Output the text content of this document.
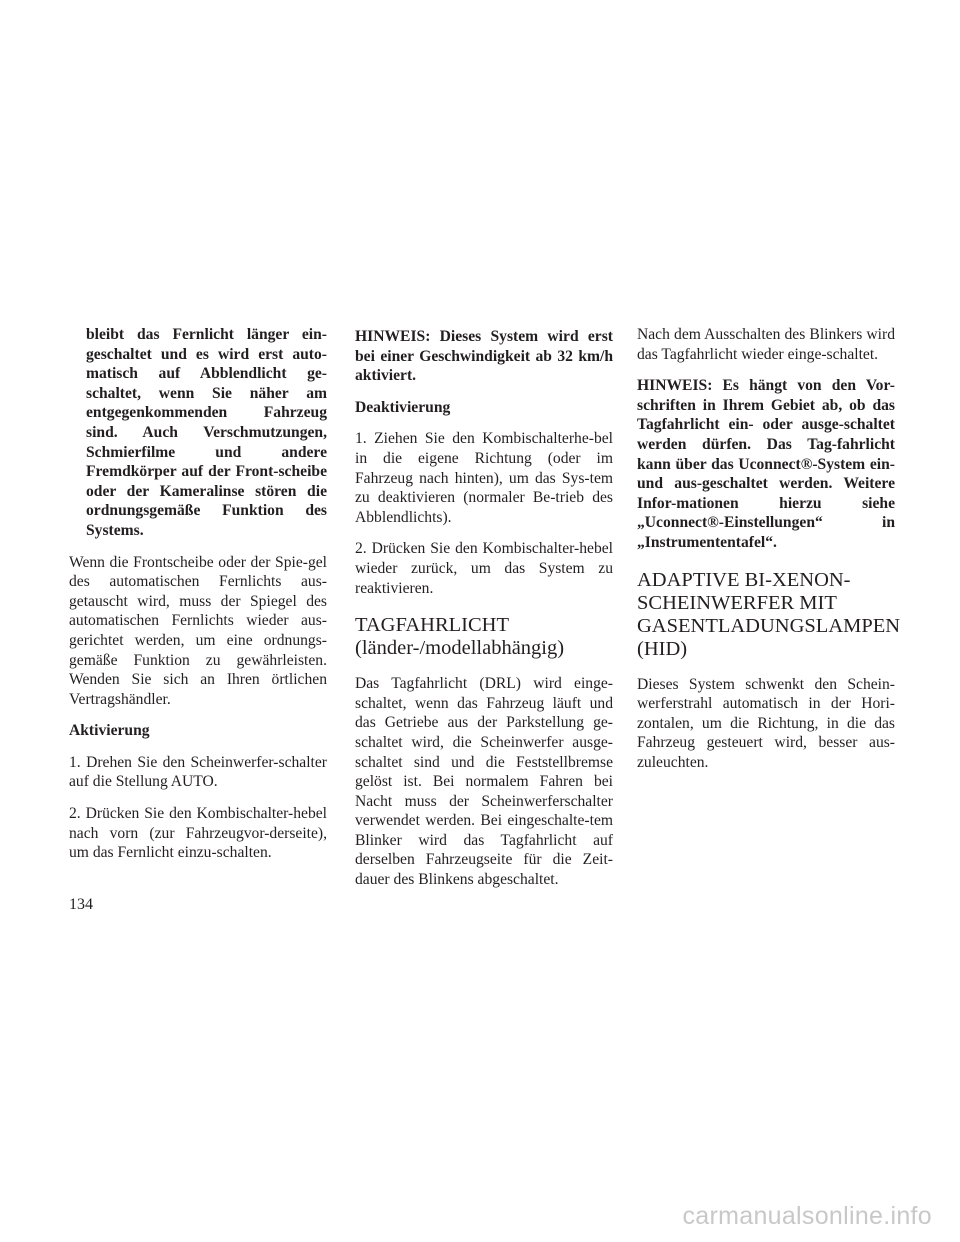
bleibt das Fernlicht länger ein-geschaltet und es wird erst auto-matisch auf Abblendlicht ge-schaltet, wenn Sie näher am entgegenkommenden Fahrzeug sind. Auch Verschmutzungen, Schmierfilme und andere Fremdkörper auf der Front-scheibe oder der Kameralinse stören die ordnungsgemäße Funktion des Systems.

Wenn die Frontscheibe oder der Spie-gel des automatischen Fernlichts aus-getauscht wird, muss der Spiegel des automatischen Fernlichts wieder aus-gerichtet werden, um eine ordnungs-gemäße Funktion zu gewährleisten. Wenden Sie sich an Ihren örtlichen Vertragshändler.

Aktivierung

1. Drehen Sie den Scheinwerfer-schalter auf die Stellung AUTO.

2. Drücken Sie den Kombischalter-hebel nach vorn (zur Fahrzeugvor-derseite), um das Fernlicht einzu-schalten.

HINWEIS: Dieses System wird erst bei einer Geschwindigkeit ab 32 km/h aktiviert.

Deaktivierung

1. Ziehen Sie den Kombischalterhe-bel in die eigene Richtung (oder im Fahrzeug nach hinten), um das Sys-tem zu deaktivieren (normaler Be-trieb des Abblendlichts).

2. Drücken Sie den Kombischalter-hebel wieder zurück, um das System zu reaktivieren.

TAGFAHRLICHT
(länder-/modellabhängig)

Das Tagfahrlicht (DRL) wird einge-schaltet, wenn das Fahrzeug läuft und das Getriebe aus der Parkstellung ge-schaltet wird, die Scheinwerfer ausge-schaltet sind und die Feststellbremse gelöst ist. Bei normalem Fahren bei Nacht muss der Scheinwerferschalter verwendet werden. Bei eingeschalte-tem Blinker wird das Tagfahrlicht auf derselben Fahrzeugseite für die Zeit-dauer des Blinkens abgeschaltet.

Nach dem Ausschalten des Blinkers wird das Tagfahrlicht wieder einge-schaltet.

HINWEIS: Es hängt von den Vor-schriften in Ihrem Gebiet ab, ob das Tagfahrlicht ein- oder ausge-schaltet werden dürfen. Das Tag-fahrlicht kann über das Uconnect®-System ein- und aus-geschaltet werden. Weitere Infor-mationen hierzu siehe „Uconnect®-Einstellungen“ in „Instrumententafel“.

ADAPTIVE BI-XENON-
SCHEINWERFER MIT
GASENTLADUNGSLAMPEN
(HID)

Dieses System schwenkt den Schein-werferstrahl automatisch in der Hori-zontalen, um die Richtung, in die das Fahrzeug gesteuert wird, besser aus-zuleuchten.

134
carmanualsonline.info
